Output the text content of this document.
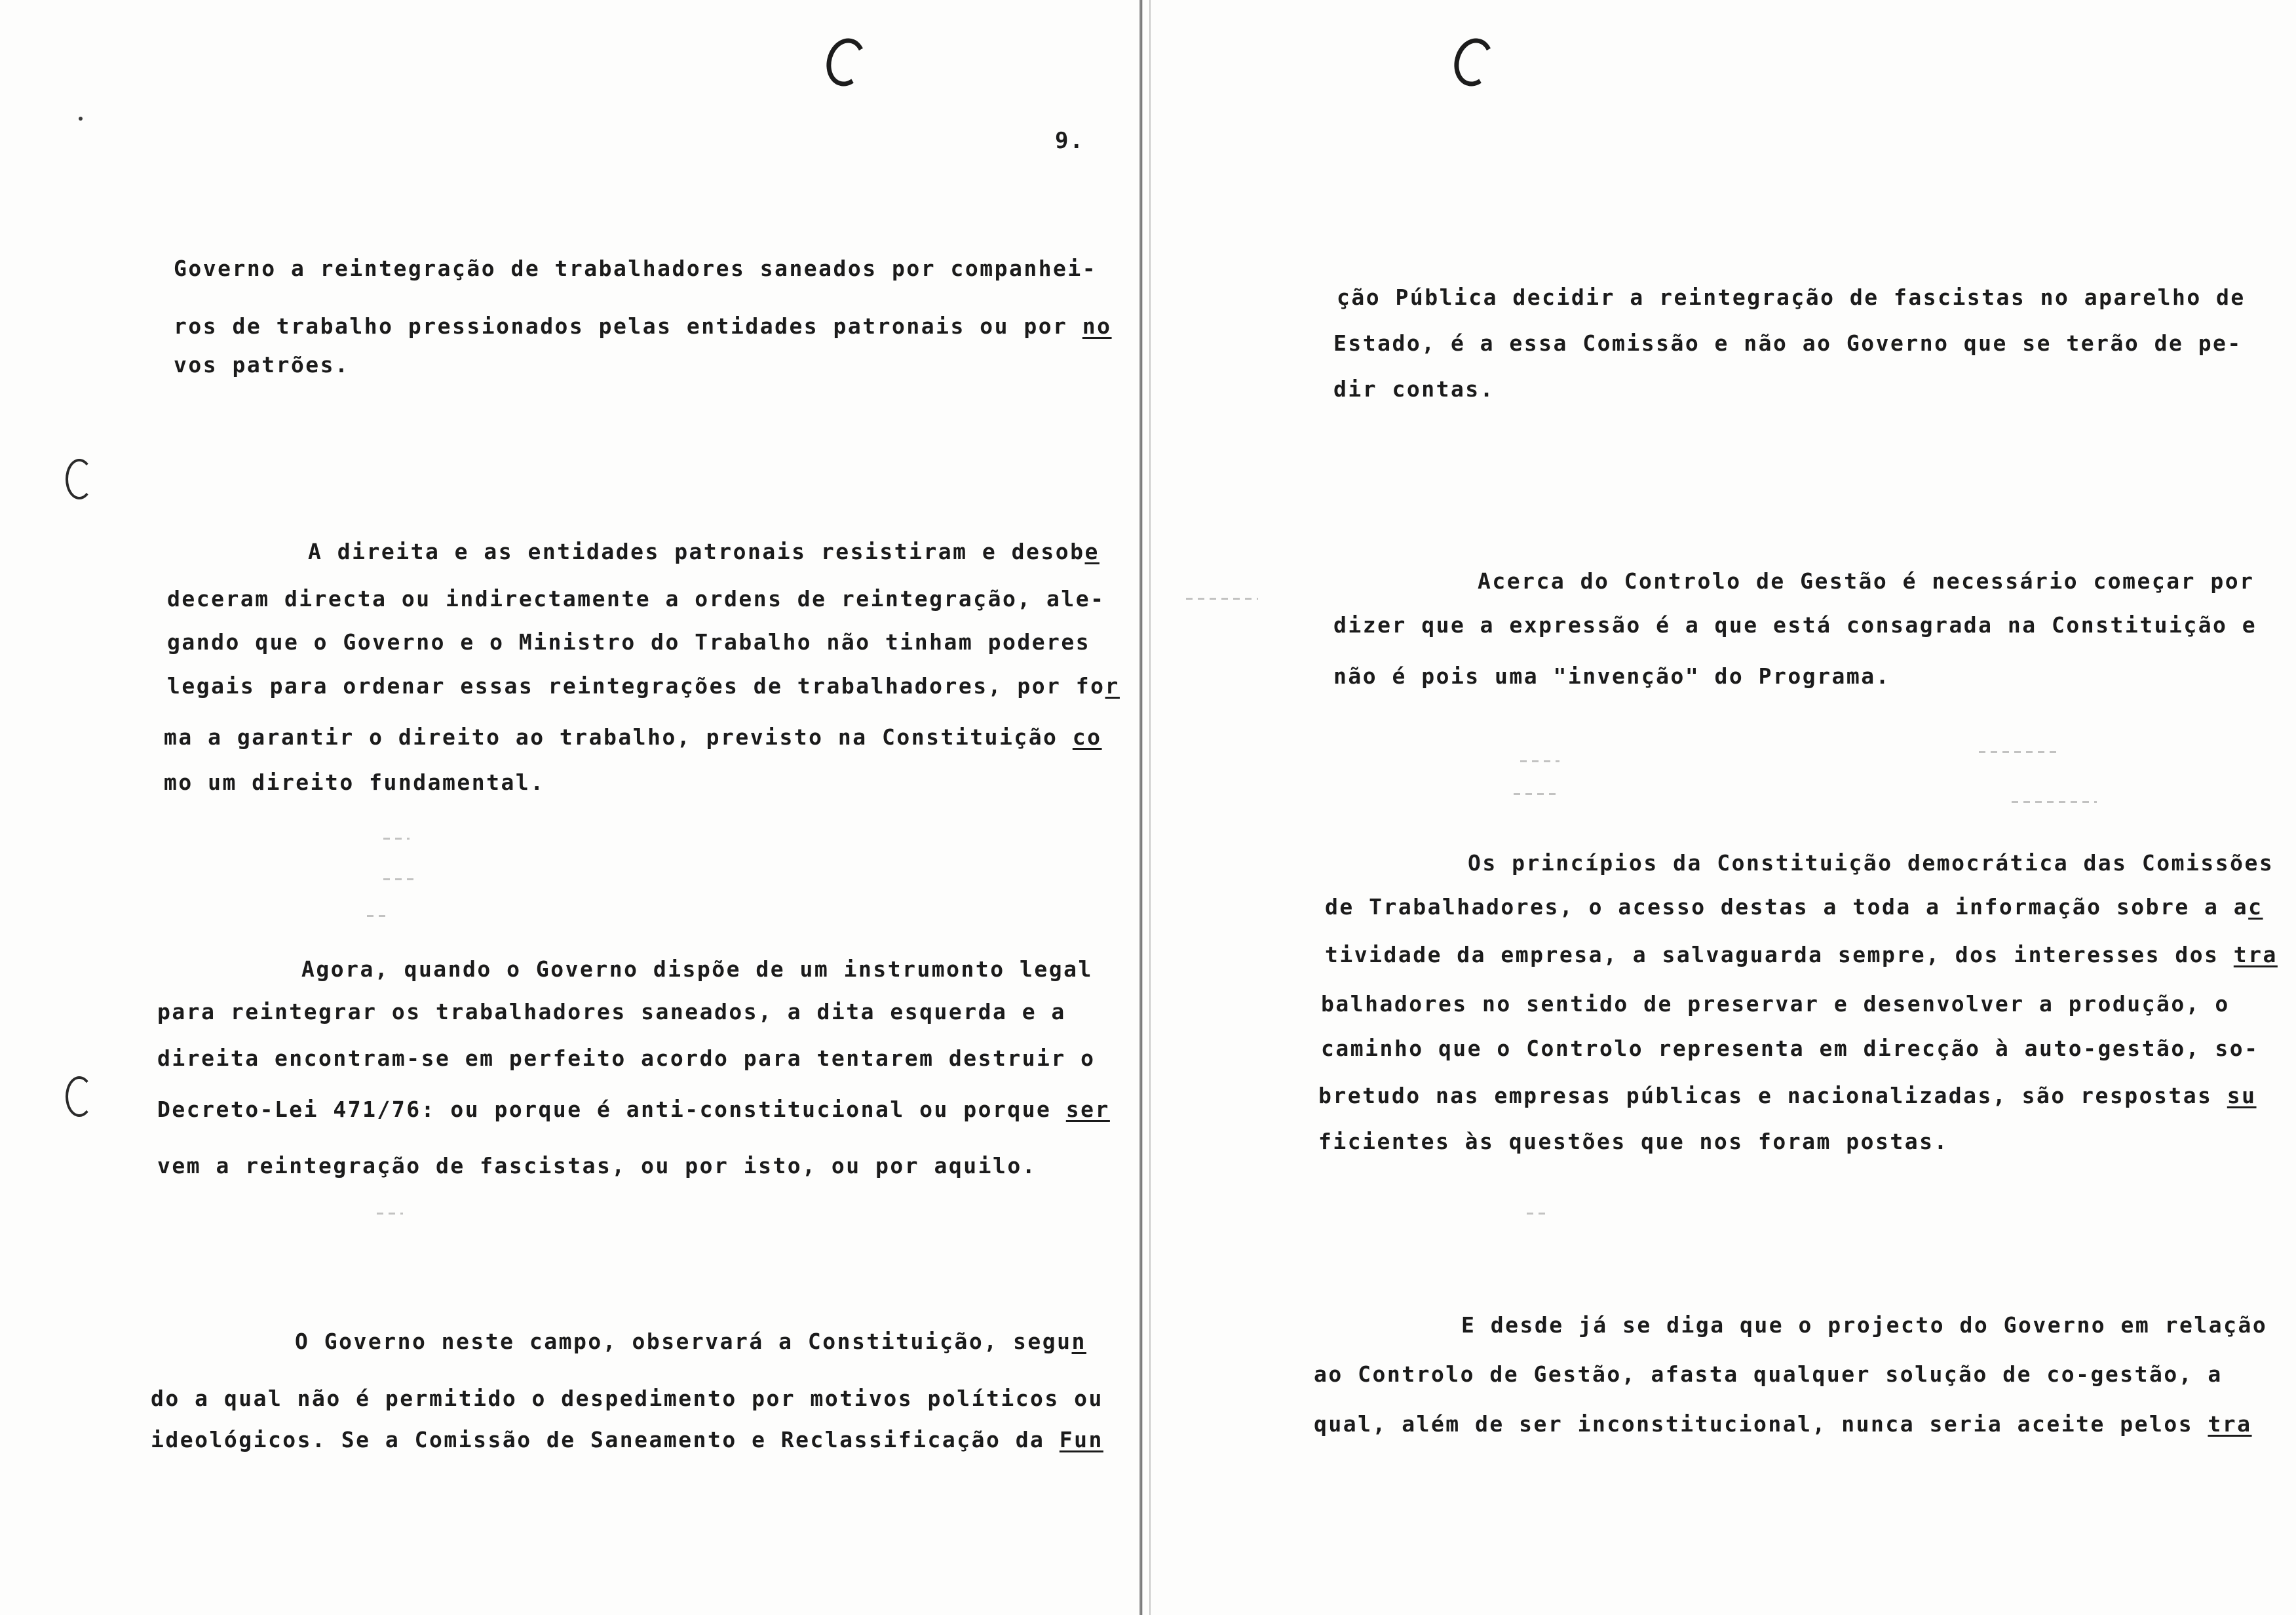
9.
Governo a reintegração de trabalhadores saneados por companhei-
ros de trabalho pressionados pelas entidades patronais ou por no
vos patrões.
A direita e as entidades patronais resistiram e desobe
deceram directa ou indirectamente a ordens de reintegração, ale-
gando que o Governo e o Ministro do Trabalho não tinham poderes
legais para ordenar essas reintegrações de trabalhadores, por for
ma a garantir o direito ao trabalho, previsto na Constituição co
mo um direito fundamental.
Agora, quando o Governo dispõe de um instrumonto legal
para reintegrar os trabalhadores saneados, a dita esquerda e a
direita encontram-se em perfeito acordo para tentarem destruir o
Decreto-Lei 471/76: ou porque é anti-constitucional ou porque ser
vem a reintegração de fascistas, ou por isto, ou por aquilo.
O Governo neste campo, observará a Constituição, segun
do a qual não é permitido o despedimento por motivos políticos ou
ideológicos. Se a Comissão de Saneamento e Reclassificação da Fun
ção Pública decidir a reintegração de fascistas no aparelho de
Estado, é a essa Comissão e não ao Governo que se terão de pe-
dir contas.
Acerca do Controlo de Gestão é necessário começar por
dizer que a expressão é a que está consagrada na Constituição e
não é pois uma "invenção" do Programa.
Os princípios da Constituição democrática das Comissões
de Trabalhadores, o acesso destas a toda a informação sobre a ac
tividade da empresa, a salvaguarda sempre, dos interesses dos tra
balhadores no sentido de preservar e desenvolver a produção, o
caminho que o Controlo representa em direcção à auto-gestão, so-
bretudo nas empresas públicas e nacionalizadas, são respostas su
ficientes às questões que nos foram postas.
E desde já se diga que o projecto do Governo em relação
ao Controlo de Gestão, afasta qualquer solução de co-gestão, a
qual, além de ser inconstitucional, nunca seria aceite pelos tra
